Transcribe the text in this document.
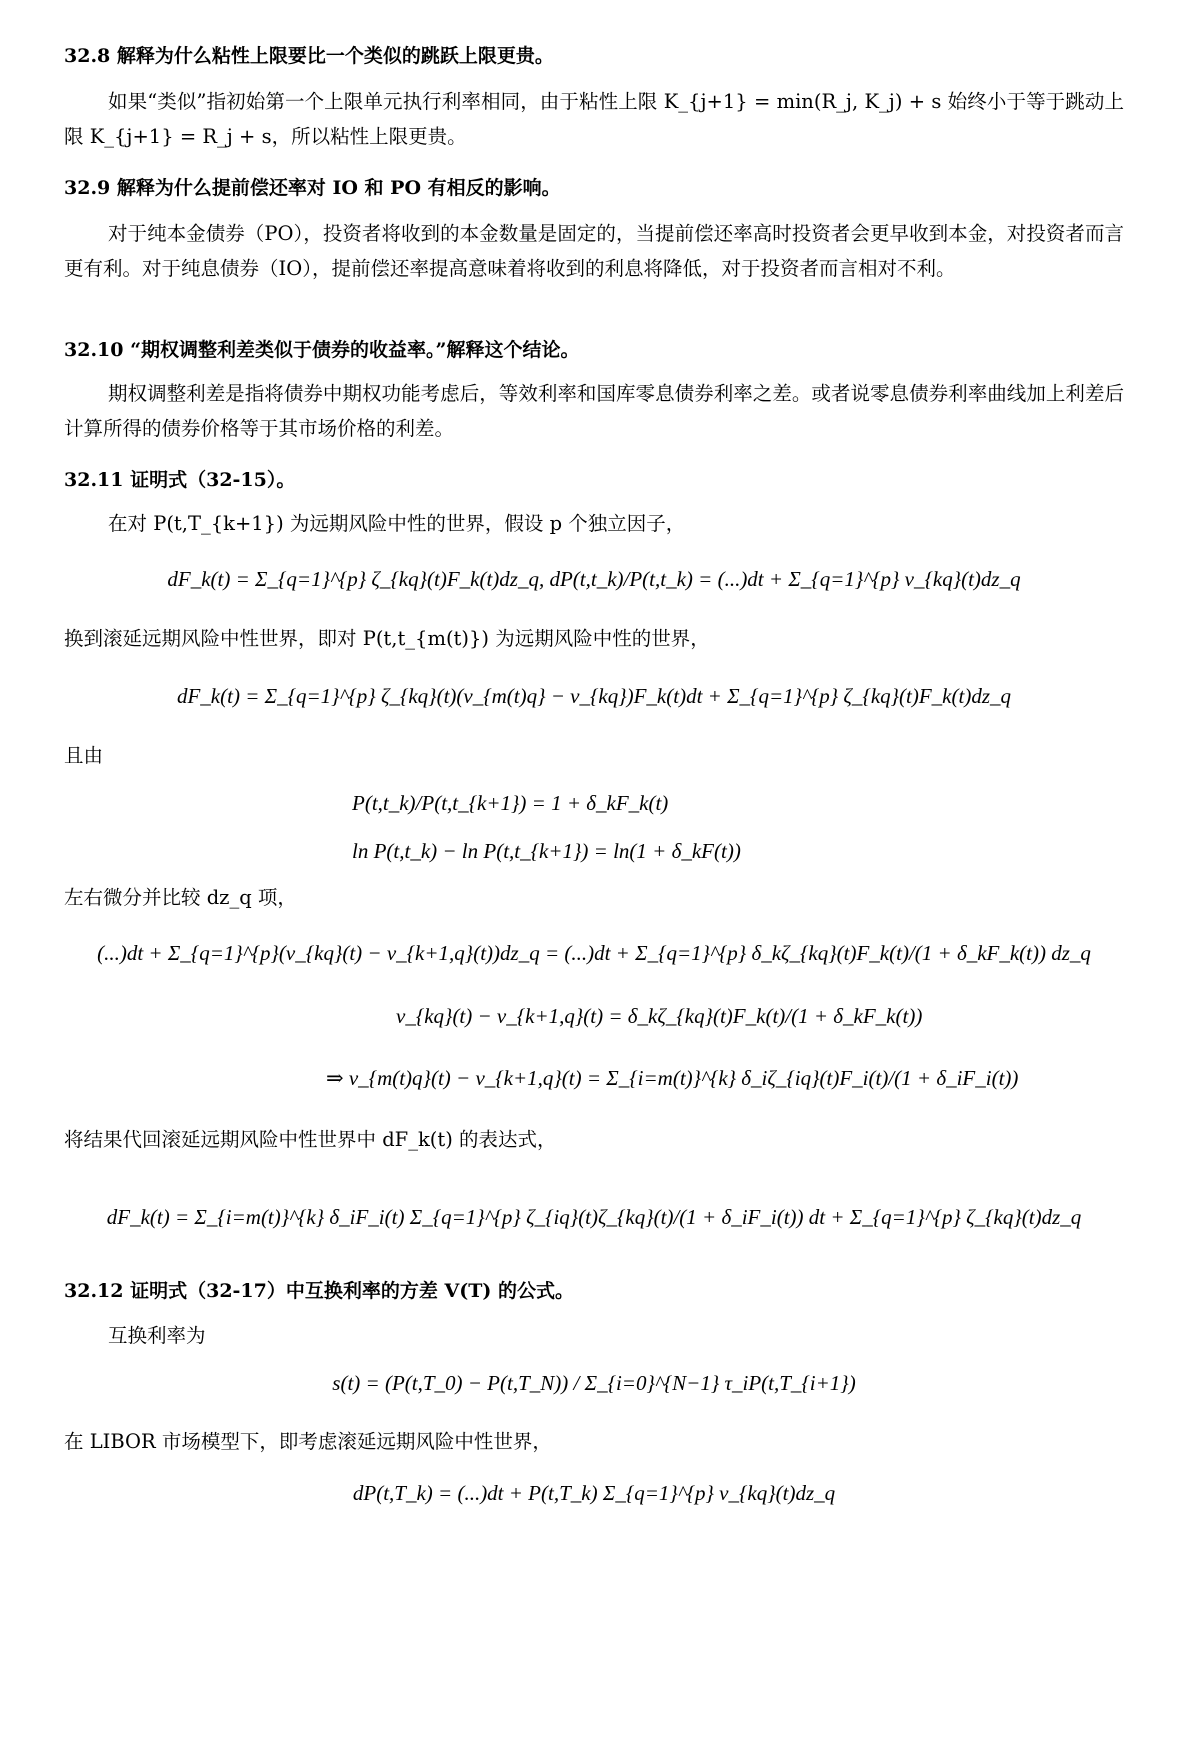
32.8 解释为什么粘性上限要比一个类似的跳跃上限更贵。
如果“类似”指初始第一个上限单元执行利率相同，由于粘性上限 K_{j+1} = min(R_j, K_j) + s 始终小于等于跳动上限 K_{j+1} = R_j + s，所以粘性上限更贵。
32.9 解释为什么提前偿还率对 IO 和 PO 有相反的影响。
对于纯本金债券（PO），投资者将收到的本金数量是固定的，当提前偿还率高时投资者会更早收到本金，对投资者而言更有利。对于纯息债券（IO），提前偿还率提高意味着将收到的利息将降低，对于投资者而言相对不利。
32.10 “期权调整利差类似于债券的收益率。”解释这个结论。
期权调整利差是指将债券中期权功能考虑后，等效利率和国库零息债券利率之差。或者说零息债券利率曲线加上利差后计算所得的债券价格等于其市场价格的利差。
32.11 证明式（32-15）。
在对 P(t,T_{k+1}) 为远期风险中性的世界，假设 p 个独立因子，
dF_k(t) = Σ_{q=1}^{p} ζ_{kq}(t)F_k(t)dz_q, dP(t,t_k)/P(t,t_k) = (...)dt + Σ_{q=1}^{p} v_{kq}(t)dz_q
换到滚延远期风险中性世界，即对 P(t,t_{m(t)}) 为远期风险中性的世界，
dF_k(t) = Σ_{q=1}^{p} ζ_{kq}(t)(v_{m(t)q} − v_{kq})F_k(t)dt + Σ_{q=1}^{p} ζ_{kq}(t)F_k(t)dz_q
且由
P(t,t_k)/P(t,t_{k+1}) = 1 + δ_kF_k(t)
ln P(t,t_k) − ln P(t,t_{k+1}) = ln(1 + δ_kF(t))
左右微分并比较 dz_q 项，
(...)dt + Σ_{q=1}^{p}(v_{kq}(t) − v_{k+1,q}(t))dz_q = (...)dt + Σ_{q=1}^{p} δ_kζ_{kq}(t)F_k(t)/(1 + δ_kF_k(t)) dz_q
v_{kq}(t) − v_{k+1,q}(t) = δ_kζ_{kq}(t)F_k(t)/(1 + δ_kF_k(t))
⇒ v_{m(t)q}(t) − v_{k+1,q}(t) = Σ_{i=m(t)}^{k} δ_iζ_{iq}(t)F_i(t)/(1 + δ_iF_i(t))
将结果代回滚延远期风险中性世界中 dF_k(t) 的表达式，
dF_k(t) = Σ_{i=m(t)}^{k} δ_iF_i(t) Σ_{q=1}^{p} ζ_{iq}(t)ζ_{kq}(t)/(1 + δ_iF_i(t)) dt + Σ_{q=1}^{p} ζ_{kq}(t)dz_q
32.12 证明式（32-17）中互换利率的方差 V(T) 的公式。
互换利率为
s(t) = (P(t,T_0) − P(t,T_N)) / Σ_{i=0}^{N−1} τ_iP(t,T_{i+1})
在 LIBOR 市场模型下，即考虑滚延远期风险中性世界，
dP(t,T_k) = (...)dt + P(t,T_k) Σ_{q=1}^{p} v_{kq}(t)dz_q
